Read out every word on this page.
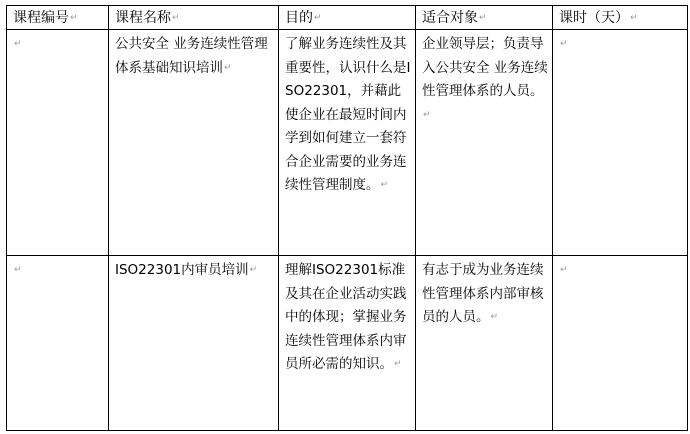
课程编号↵	课程名称↵	目的↵	适合对象↵	课时（天）↵
↵	公共安全 业务连续性管理体系基础知识培训↵	了解业务连续性及其重要性，认识什么是ISO22301，并藉此使企业在最短时间内学到如何建立一套符合企业需要的业务连续性管理制度。↵	企业领导层；负责导入公共安全 业务连续性管理体系的人员。↵	↵
↵	ISO22301内审员培训↵	理解ISO22301标准及其在企业活动实践中的体现；掌握业务连续性管理体系内审员所必需的知识。↵	有志于成为业务连续性管理体系内部审核员的人员。↵	↵
